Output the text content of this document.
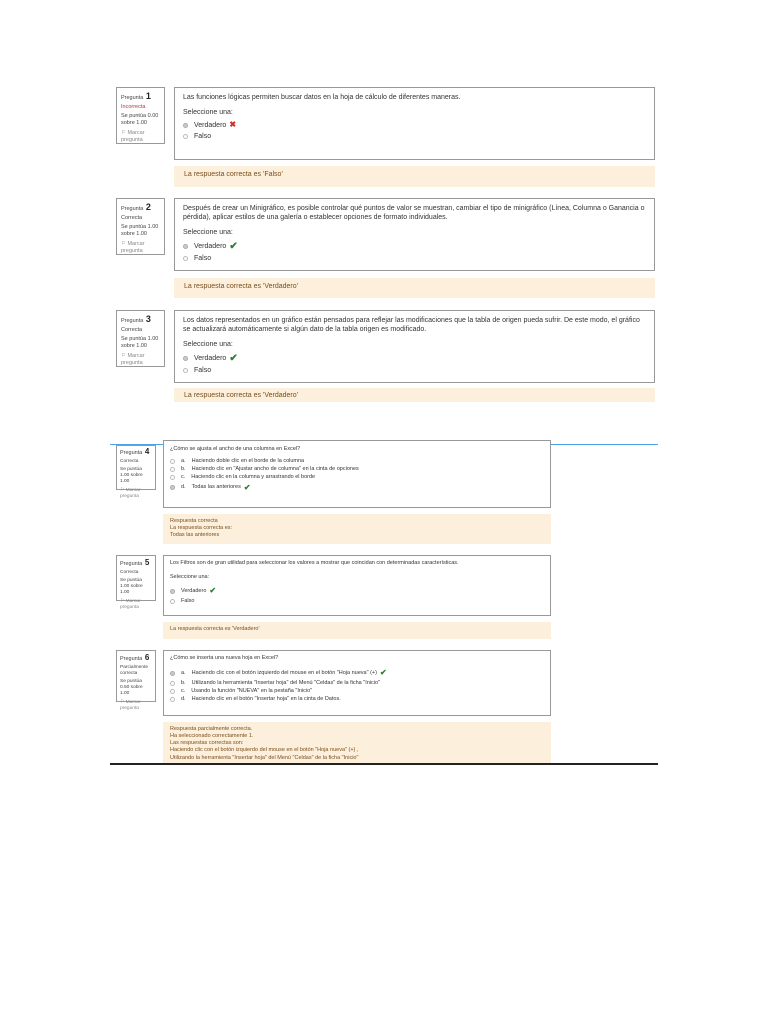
Pregunta 1
Incorrecta
Se puntúa 0.00 sobre 1.00
⚐ Marcar pregunta
Las funciones lógicas permiten buscar datos en la hoja de cálculo de diferentes maneras.
Seleccione una:
Verdadero ✖
Falso
La respuesta correcta es 'Falso'
Pregunta 2
Correcta
Se puntúa 1.00 sobre 1.00
⚐ Marcar pregunta
Después de crear un Minigráfico, es posible controlar qué puntos de valor se muestran, cambiar el tipo de minigráfico (Línea, Columna o Ganancia o pérdida), aplicar estilos de una galería o establecer opciones de formato individuales.
Seleccione una:
Verdadero ✔
Falso
La respuesta correcta es 'Verdadero'
Pregunta 3
Correcta
Se puntúa 1.00 sobre 1.00
⚐ Marcar pregunta
Los datos representados en un gráfico están pensados para reflejar las modificaciones que la tabla de origen pueda sufrir. De este modo, el gráfico se actualizará automáticamente si algún dato de la tabla origen es modificado.
Seleccione una:
Verdadero ✔
Falso
La respuesta correcta es 'Verdadero'
Pregunta 4
Correcta
Se puntúa 1.00 sobre 1.00
⚐ Marcar pregunta
¿Cómo se ajusta el ancho de una columna en Excel?
a. Haciendo doble clic en el borde de la columna
b. Haciendo clic en "Ajustar ancho de columna" en la cinta de opciones
c. Haciendo clic en la columna y arrastrando el borde
d. Todas las anteriores ✔
Respuesta correcta
La respuesta correcta es:
Todas las anteriores
Pregunta 5
Correcta
Se puntúa 1.00 sobre 1.00
⚐ Marcar pregunta
Los Filtros son de gran utilidad para seleccionar los valores a mostrar que coincidan con determinadas características.
Seleccione una:
Verdadero ✔
Falso
La respuesta correcta es 'Verdadero'
Pregunta 6
Parcialmente correcta
Se puntúa 0.50 sobre 1.00
⚐ Marcar pregunta
¿Cómo se inserta una nueva hoja en Excel?
a. Haciendo clic con el botón izquierdo del mouse en el botón "Hoja nueva" (+) ✔
b. Utilizando la herramienta "Insertar hoja" del Menú "Celdas" de la ficha "Inicio"
c. Usando la función "NUEVA" en la pestaña "Inicio"
d. Haciendo clic en el botón "Insertar hoja" en la cinta de Datos.
Respuesta parcialmente correcta.
Ha seleccionado correctamente 1.
Las respuestas correctas son:
Haciendo clic con el botón izquierdo del mouse en el botón "Hoja nueva" (+) ,
Utilizando la herramienta "Insertar hoja" del Menú "Celdas" de la ficha "Inicio"
